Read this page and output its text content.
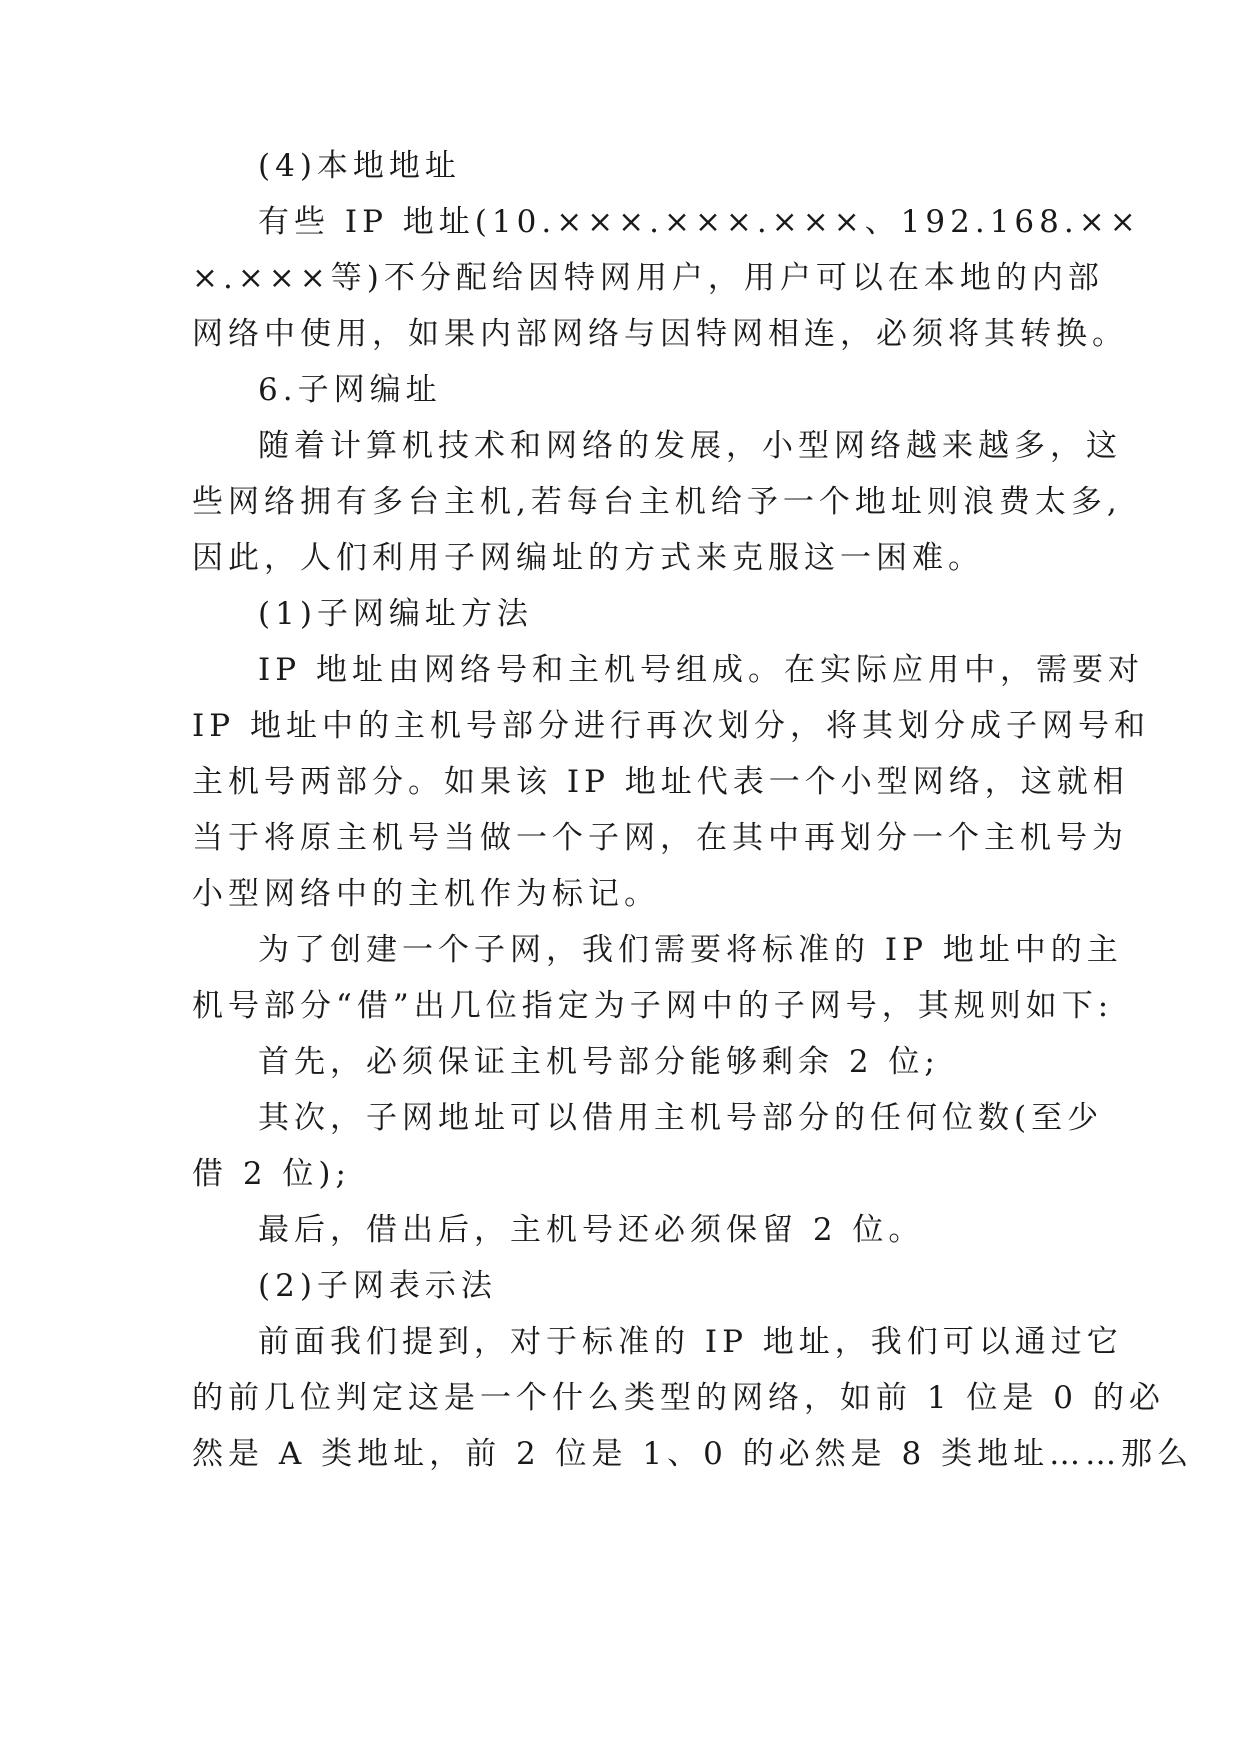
(4)本地地址
有些 IP 地址(10.×××.×××.×××、192.168.××
×.×××等)不分配给因特网用户，用户可以在本地的内部
网络中使用，如果内部网络与因特网相连，必须将其转换。
6.子网编址
随着计算机技术和网络的发展，小型网络越来越多，这
些网络拥有多台主机,若每台主机给予一个地址则浪费太多,
因此，人们利用子网编址的方式来克服这一困难。
(1)子网编址方法
IP 地址由网络号和主机号组成。在实际应用中，需要对
IP 地址中的主机号部分进行再次划分，将其划分成子网号和
主机号两部分。如果该 IP 地址代表一个小型网络，这就相
当于将原主机号当做一个子网，在其中再划分一个主机号为
小型网络中的主机作为标记。
为了创建一个子网，我们需要将标准的 IP 地址中的主
机号部分“借”出几位指定为子网中的子网号，其规则如下:
首先，必须保证主机号部分能够剩余 2 位;
其次，子网地址可以借用主机号部分的任何位数(至少
借 2 位);
最后，借出后，主机号还必须保留 2 位。
(2)子网表示法
前面我们提到，对于标准的 IP 地址，我们可以通过它
的前几位判定这是一个什么类型的网络，如前 1 位是 0 的必
然是 A 类地址，前 2 位是 1、0 的必然是 8 类地址……那么
